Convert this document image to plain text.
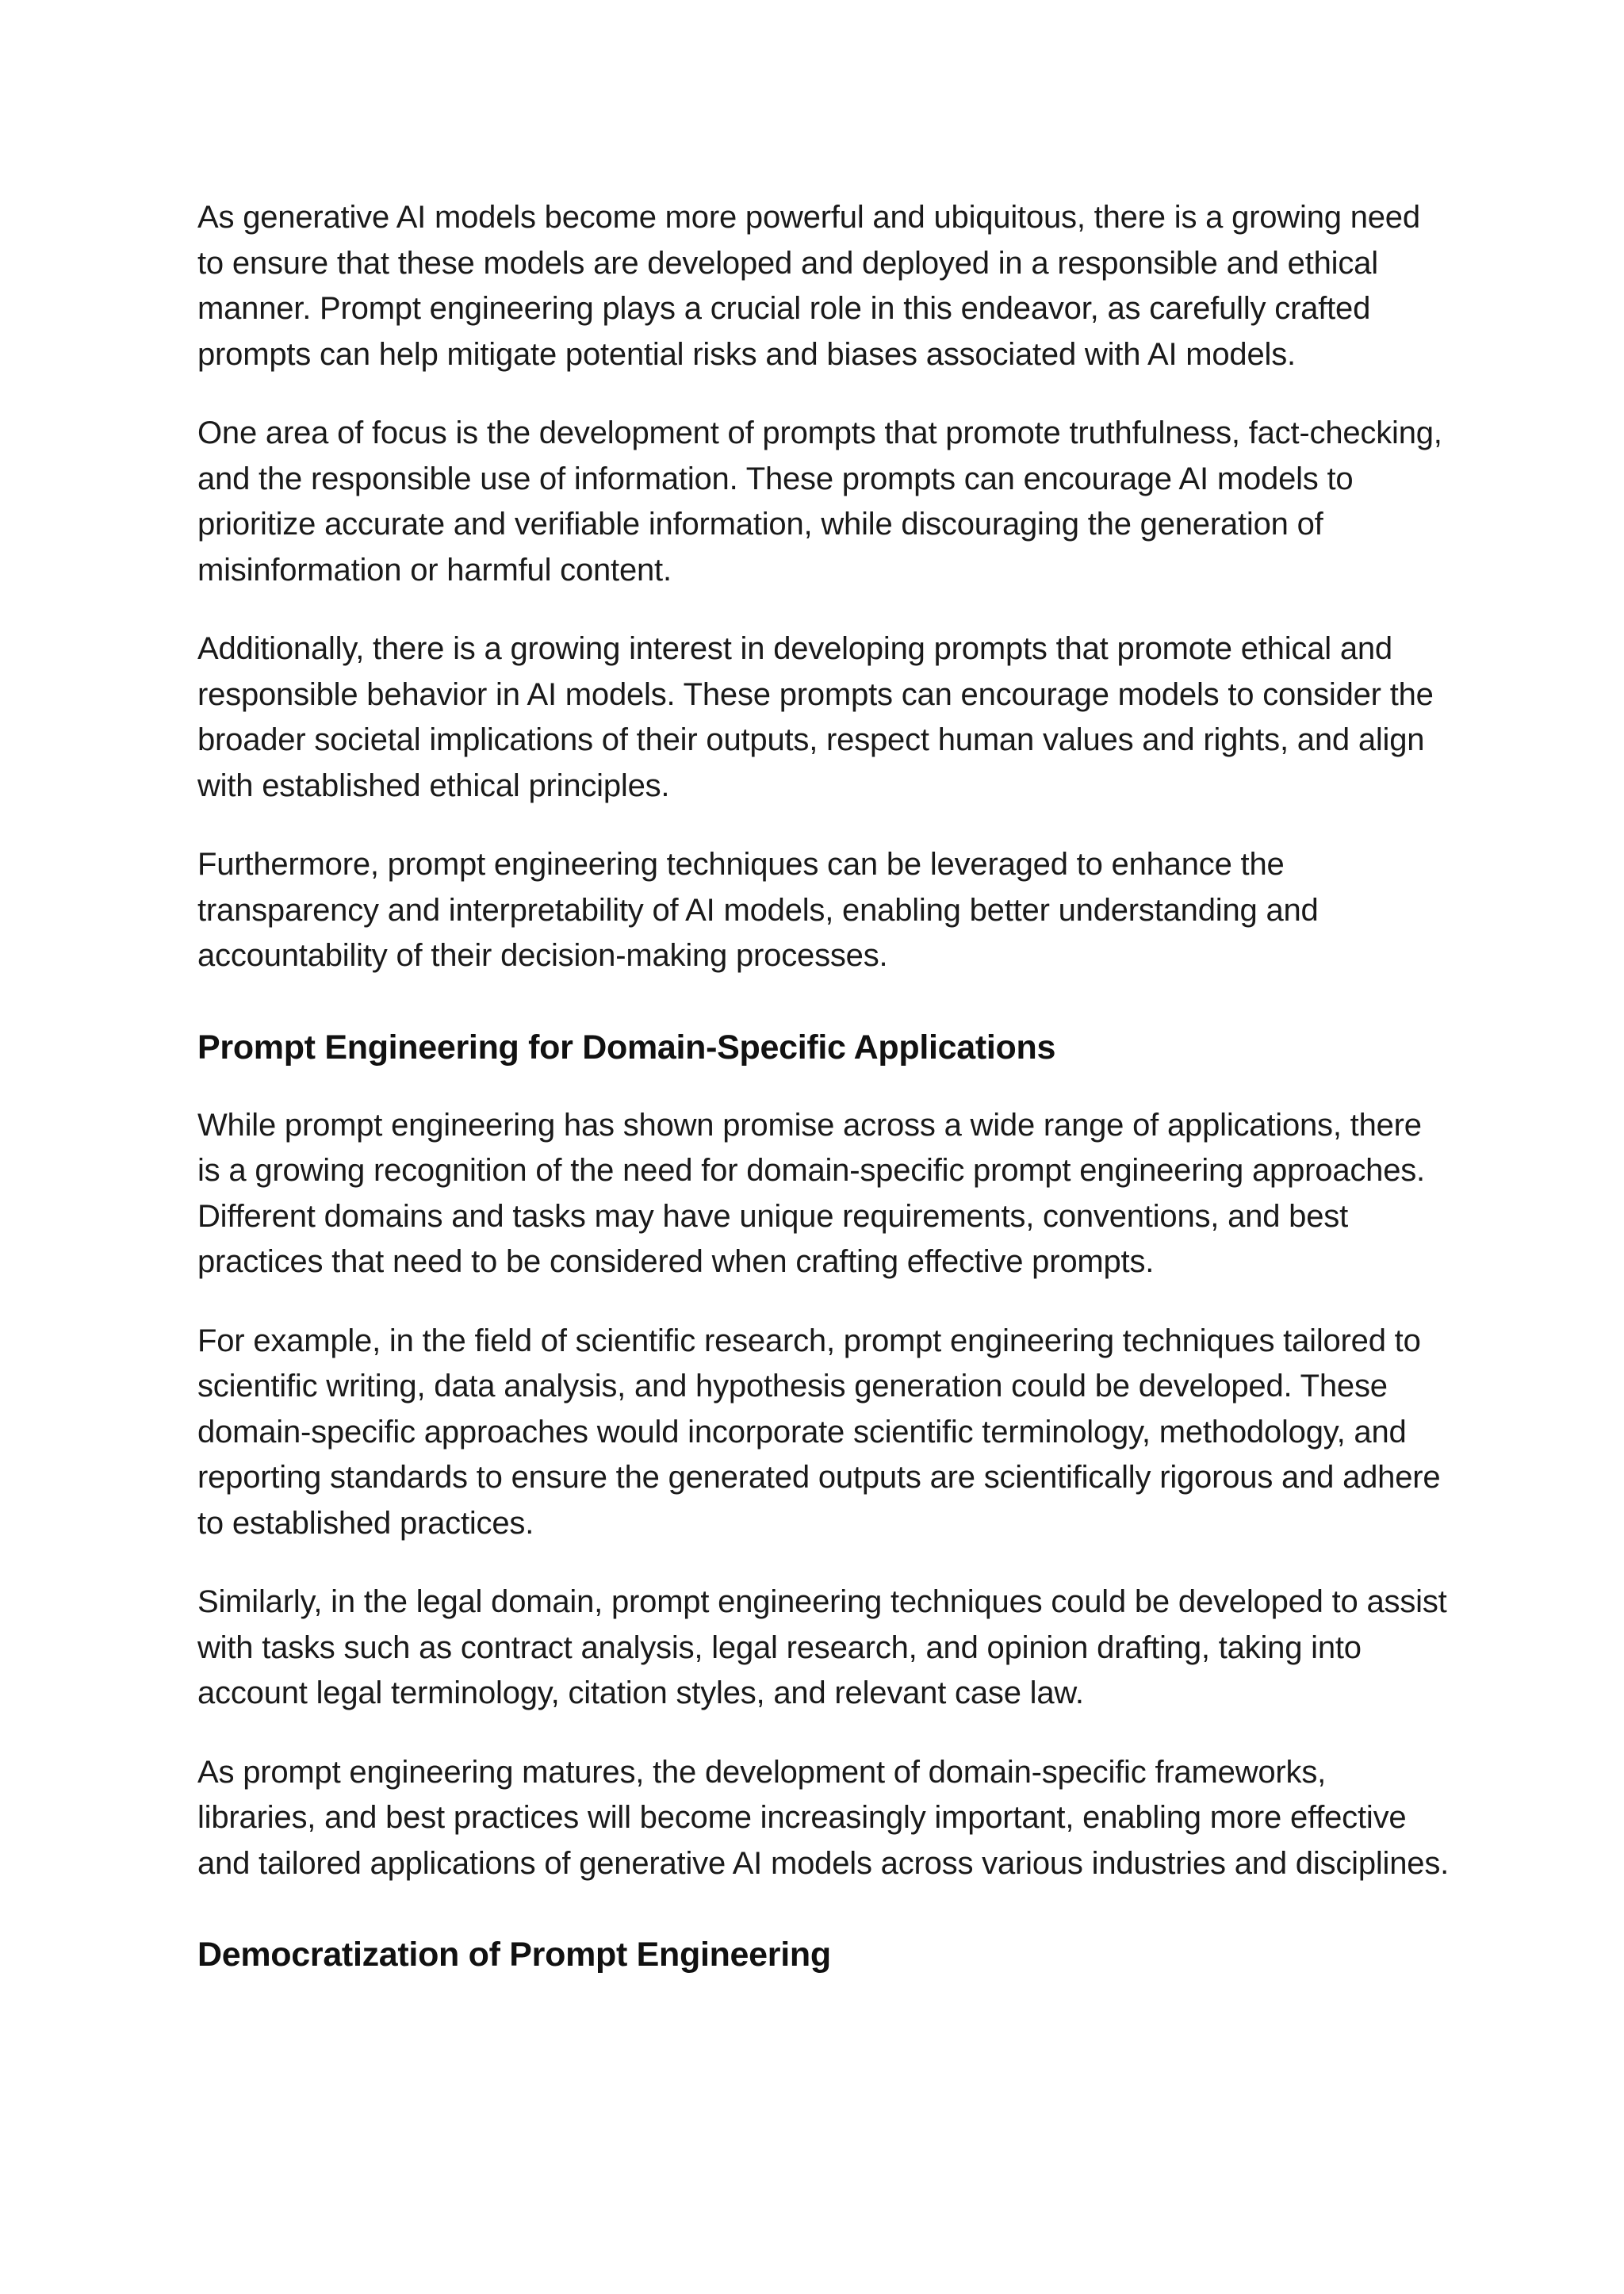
As generative AI models become more powerful and ubiquitous, there is a growing need to ensure that these models are developed and deployed in a responsible and ethical manner. Prompt engineering plays a crucial role in this endeavor, as carefully crafted prompts can help mitigate potential risks and biases associated with AI models.

One area of focus is the development of prompts that promote truthfulness, fact-checking, and the responsible use of information. These prompts can encourage AI models to prioritize accurate and verifiable information, while discouraging the generation of misinformation or harmful content.

Additionally, there is a growing interest in developing prompts that promote ethical and responsible behavior in AI models. These prompts can encourage models to consider the broader societal implications of their outputs, respect human values and rights, and align with established ethical principles.

Furthermore, prompt engineering techniques can be leveraged to enhance the transparency and interpretability of AI models, enabling better understanding and accountability of their decision-making processes.

Prompt Engineering for Domain-Specific Applications

While prompt engineering has shown promise across a wide range of applications, there is a growing recognition of the need for domain-specific prompt engineering approaches. Different domains and tasks may have unique requirements, conventions, and best practices that need to be considered when crafting effective prompts.

For example, in the field of scientific research, prompt engineering techniques tailored to scientific writing, data analysis, and hypothesis generation could be developed. These domain-specific approaches would incorporate scientific terminology, methodology, and reporting standards to ensure the generated outputs are scientifically rigorous and adhere to established practices.

Similarly, in the legal domain, prompt engineering techniques could be developed to assist with tasks such as contract analysis, legal research, and opinion drafting, taking into account legal terminology, citation styles, and relevant case law.

As prompt engineering matures, the development of domain-specific frameworks, libraries, and best practices will become increasingly important, enabling more effective and tailored applications of generative AI models across various industries and disciplines.

Democratization of Prompt Engineering
